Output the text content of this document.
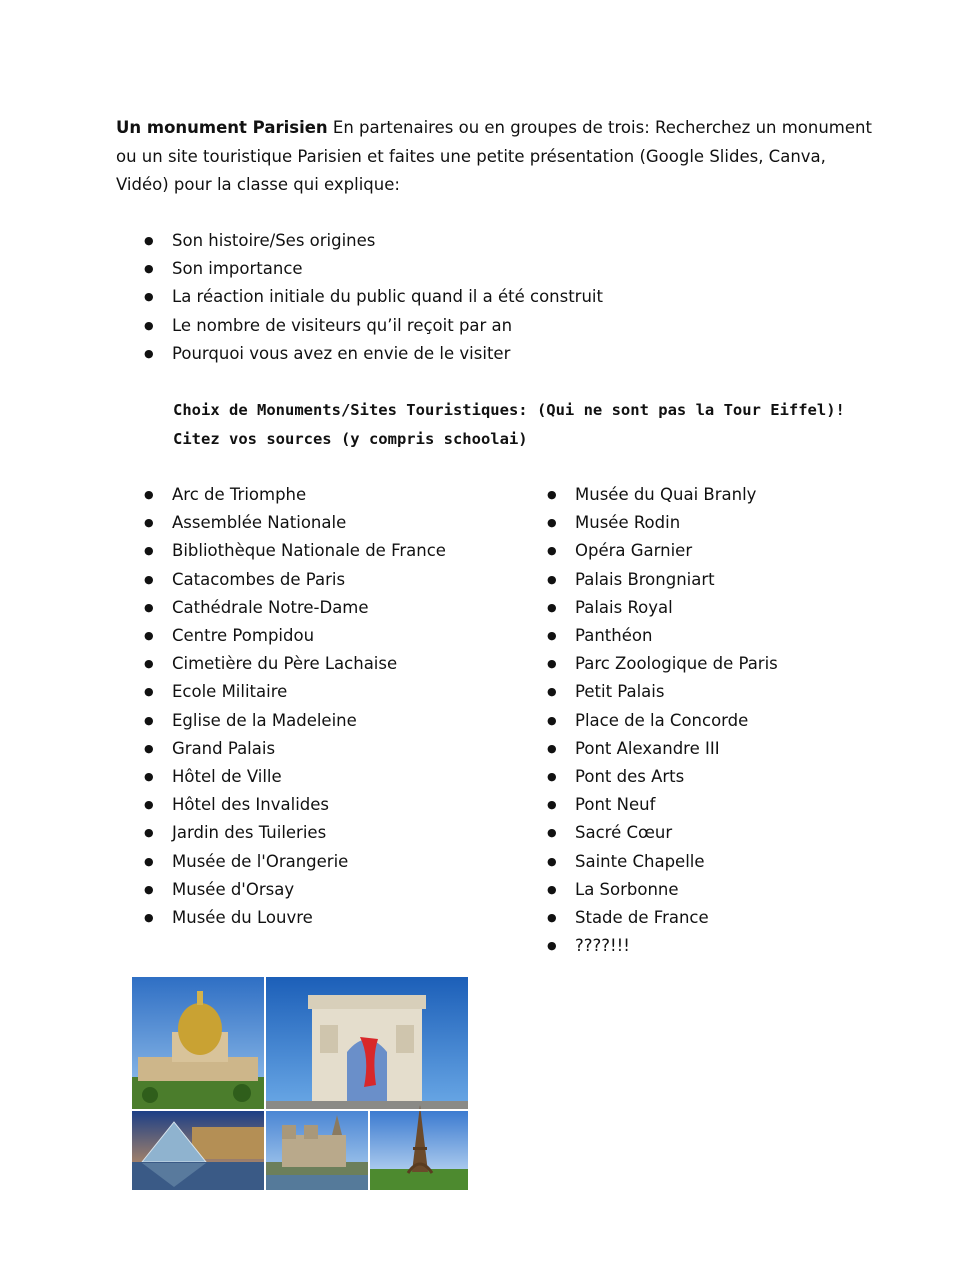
Un monument Parisien En partenaires ou en groupes de trois: Recherchez un monument ou un site touristique Parisien et faites une petite présentation (Google Slides, Canva, Vidéo) pour la classe qui explique:
● Son histoire/Ses origines
● Son importance
● La réaction initiale du public quand il a été construit
● Le nombre de visiteurs qu’il reçoit par an
● Pourquoi vous avez en envie de le visiter
Choix de Monuments/Sites Touristiques: (Qui ne sont pas la Tour Eiffel)!
Citez vos sources (y compris schoolai)
● Arc de Triomphe
● Assemblée Nationale
● Bibliothèque Nationale de France
● Catacombes de Paris
● Cathédrale Notre-Dame
● Centre Pompidou
● Cimetière du Père Lachaise
● Ecole Militaire
● Eglise de la Madeleine
● Grand Palais
● Hôtel de Ville
● Hôtel des Invalides
● Jardin des Tuileries
● Musée de l'Orangerie
● Musée d'Orsay
● Musée du Louvre
● Musée du Quai Branly
● Musée Rodin
● Opéra Garnier
● Palais Brongniart
● Palais Royal
● Panthéon
● Parc Zoologique de Paris
● Petit Palais
● Place de la Concorde
● Pont Alexandre III
● Pont des Arts
● Pont Neuf
● Sacré Cœur
● Sainte Chapelle
● La Sorbonne
● Stade de France
● ????!!!
